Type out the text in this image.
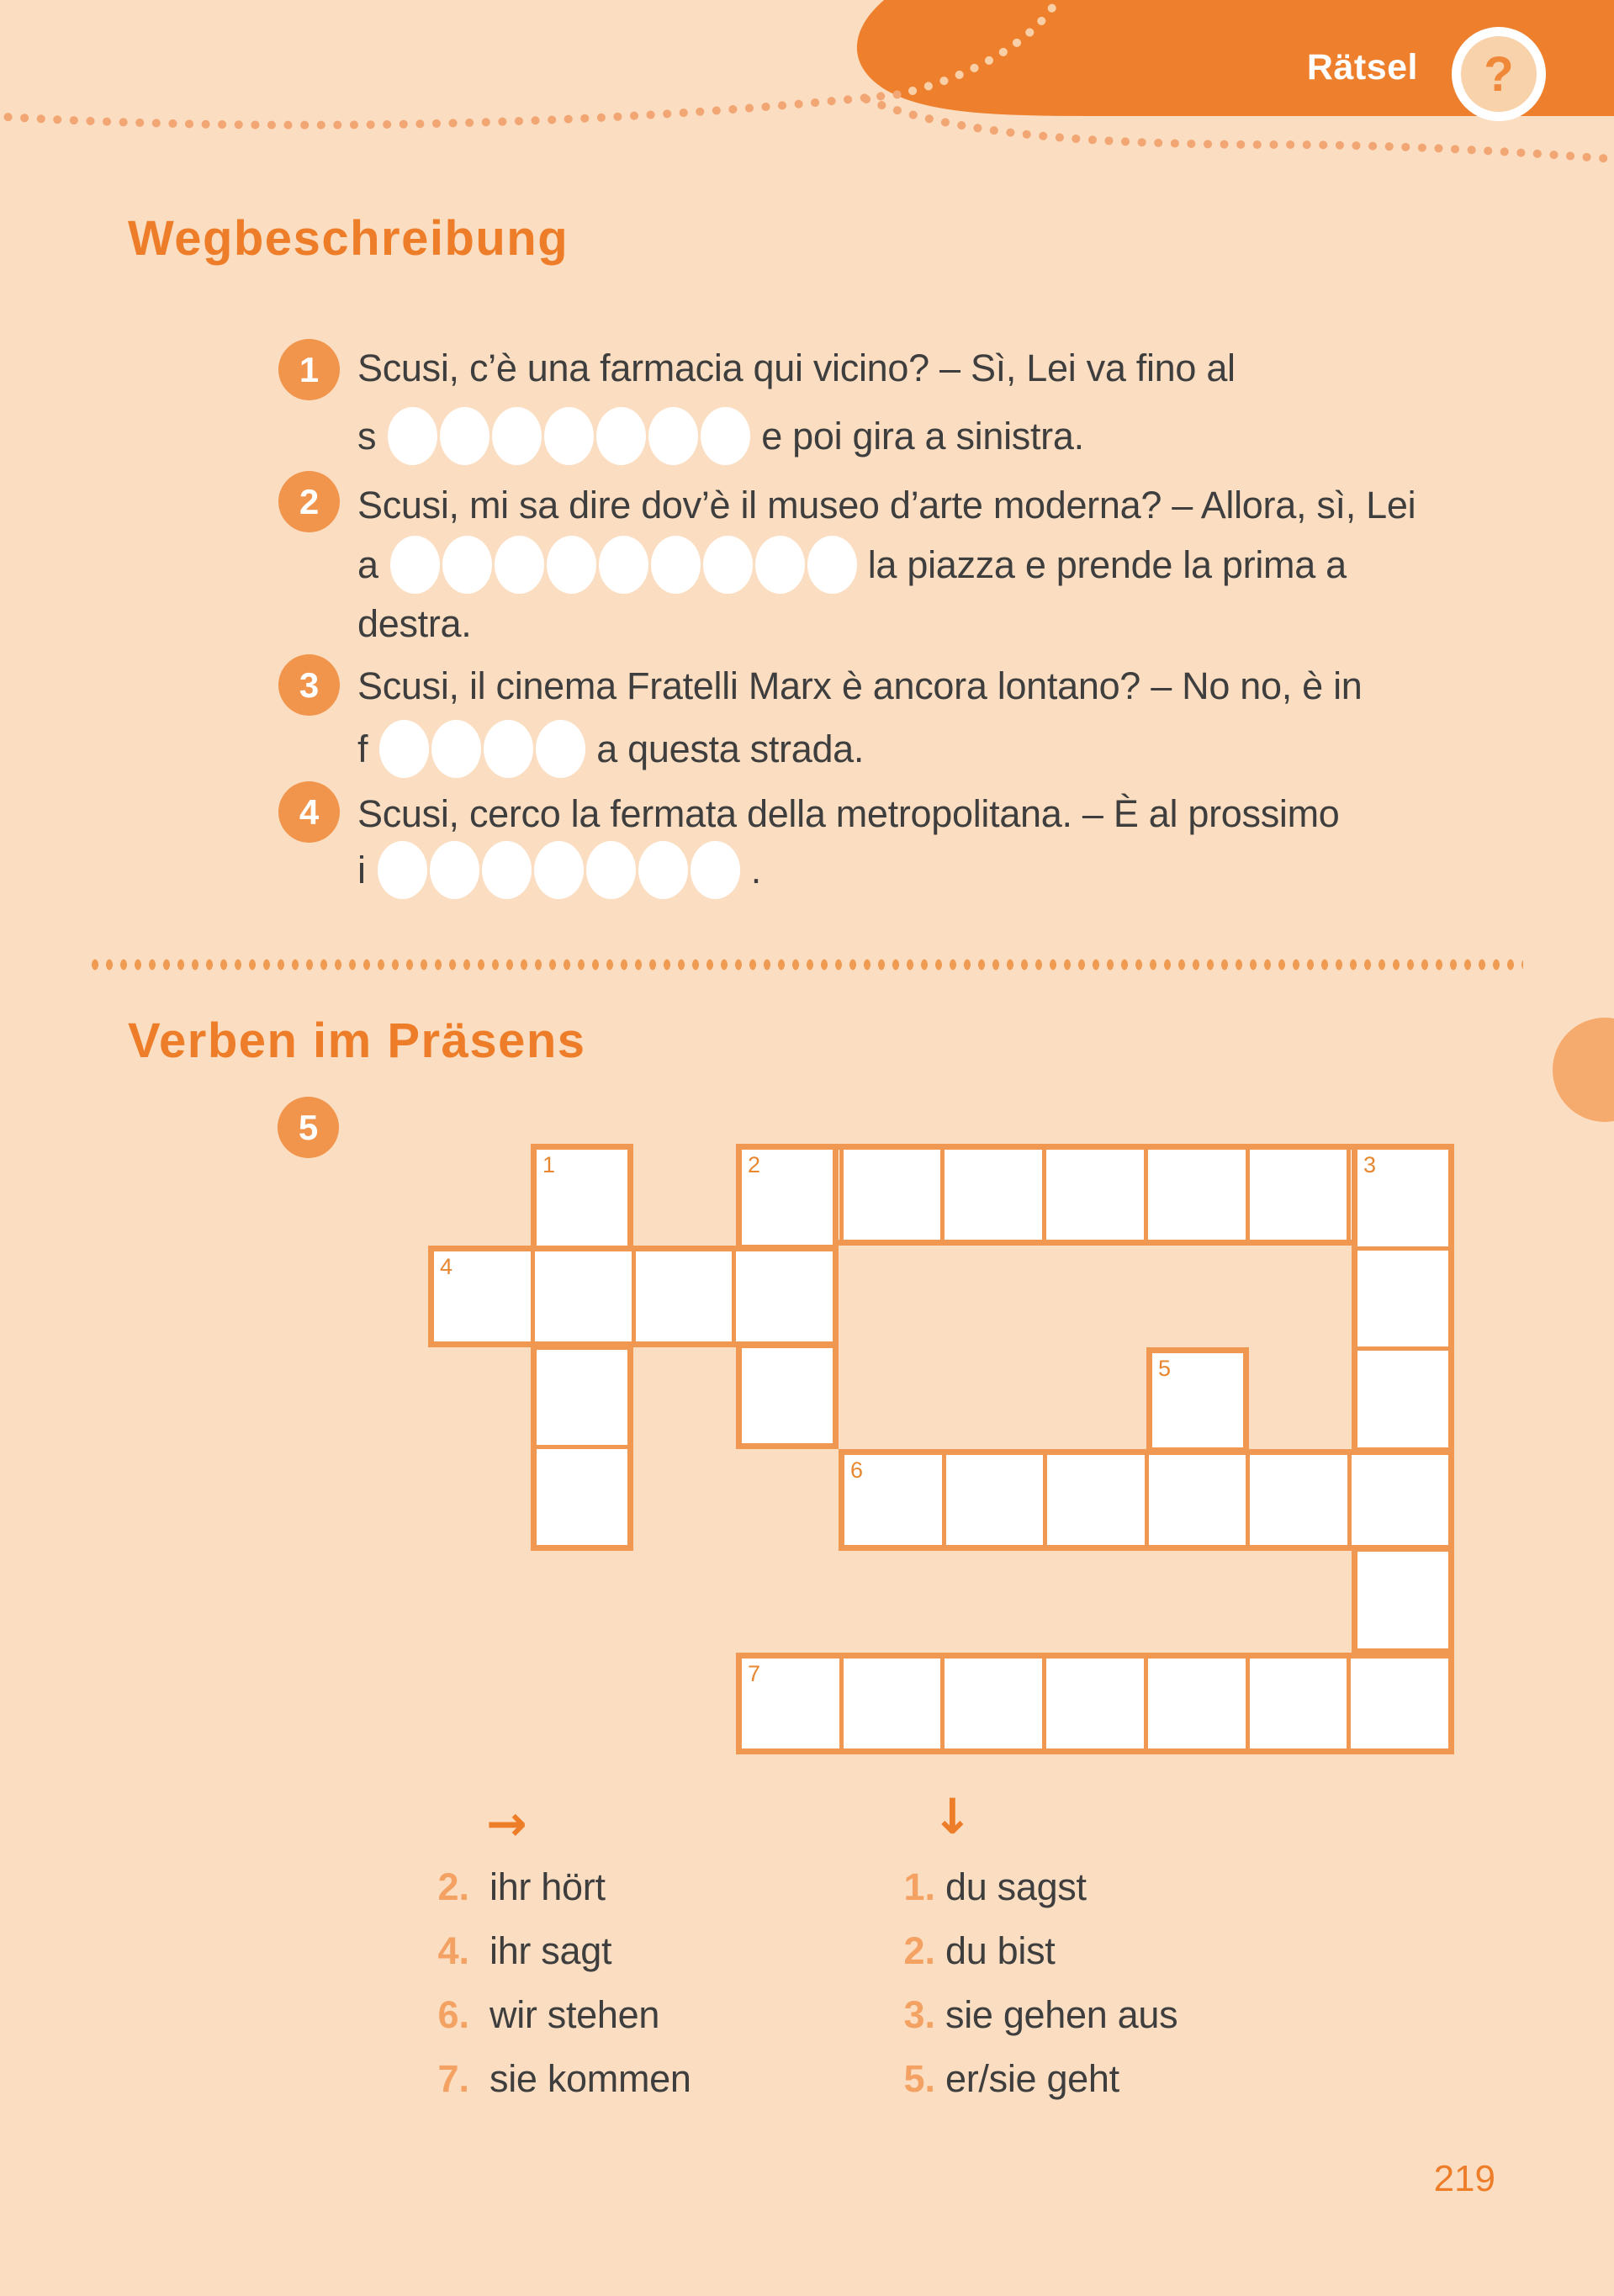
Rätsel ?
Wegbeschreibung
1	Scusi, c’è una farmacia qui vicino? – Sì, Lei va fino al
s	e poi gira a sinistra.
2	Scusi, mi sa dire dov’è il museo d’arte moderna? – Allora, sì, Lei
a	la piazza e prende la prima a
destra.
3	Scusi, il cinema Fratelli Marx è ancora lontano? – No no, è in
f	a questa strada.
4	Scusi, cerco la fermata della metropolitana. – È al prossimo
i	.
Verben im Präsens
5
1	2	3
4
5
6
7
→
2. ihr hört
4. ihr sagt
6. wir stehen
7. sie kommen
↓
1. du sagst
2. du bist
3. sie gehen aus
5. er/sie geht
219
